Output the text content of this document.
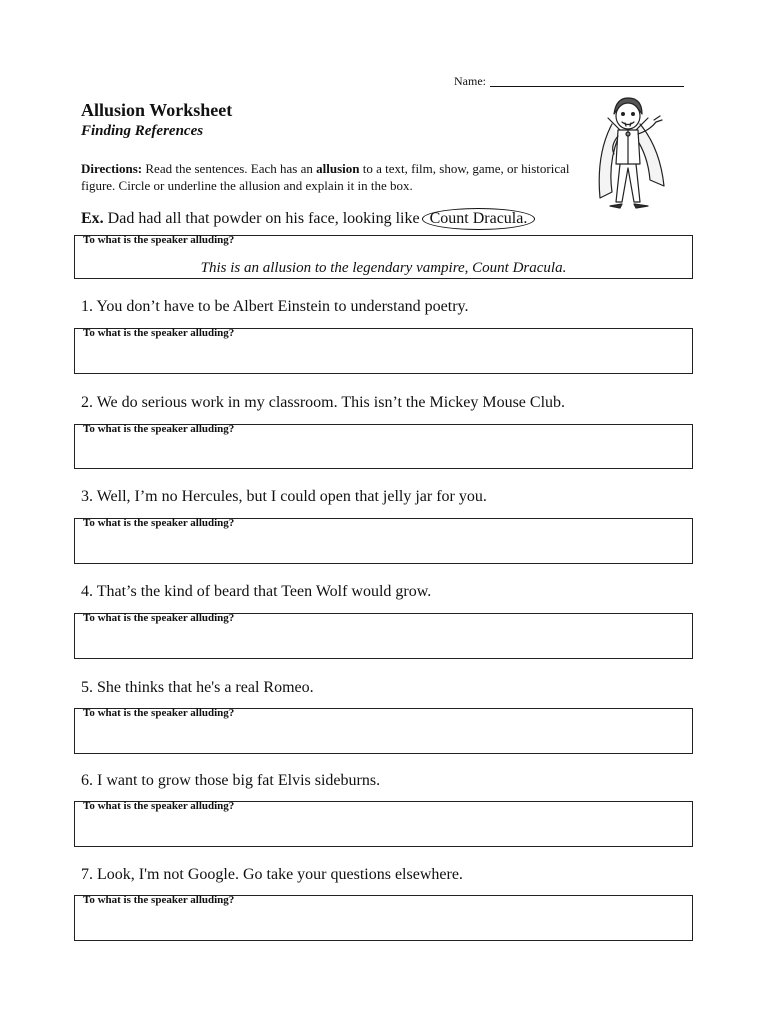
Name:
Allusion Worksheet
Finding References
Directions: Read the sentences. Each has an allusion to a text, film, show, game, or historical figure. Circle or underline the allusion and explain it in the box.
Ex. Dad had all that powder on his face, looking like Count Dracula.
To what is the speaker alluding?
This is an allusion to the legendary vampire, Count Dracula.
1. You don’t have to be Albert Einstein to understand poetry.
To what is the speaker alluding?
2. We do serious work in my classroom. This isn’t the Mickey Mouse Club.
To what is the speaker alluding?
3. Well, I’m no Hercules, but I could open that jelly jar for you.
To what is the speaker alluding?
4. That’s the kind of beard that Teen Wolf would grow.
To what is the speaker alluding?
5. She thinks that he's a real Romeo.
To what is the speaker alluding?
6. I want to grow those big fat Elvis sideburns.
To what is the speaker alluding?
7. Look, I'm not Google. Go take your questions elsewhere.
To what is the speaker alluding?
